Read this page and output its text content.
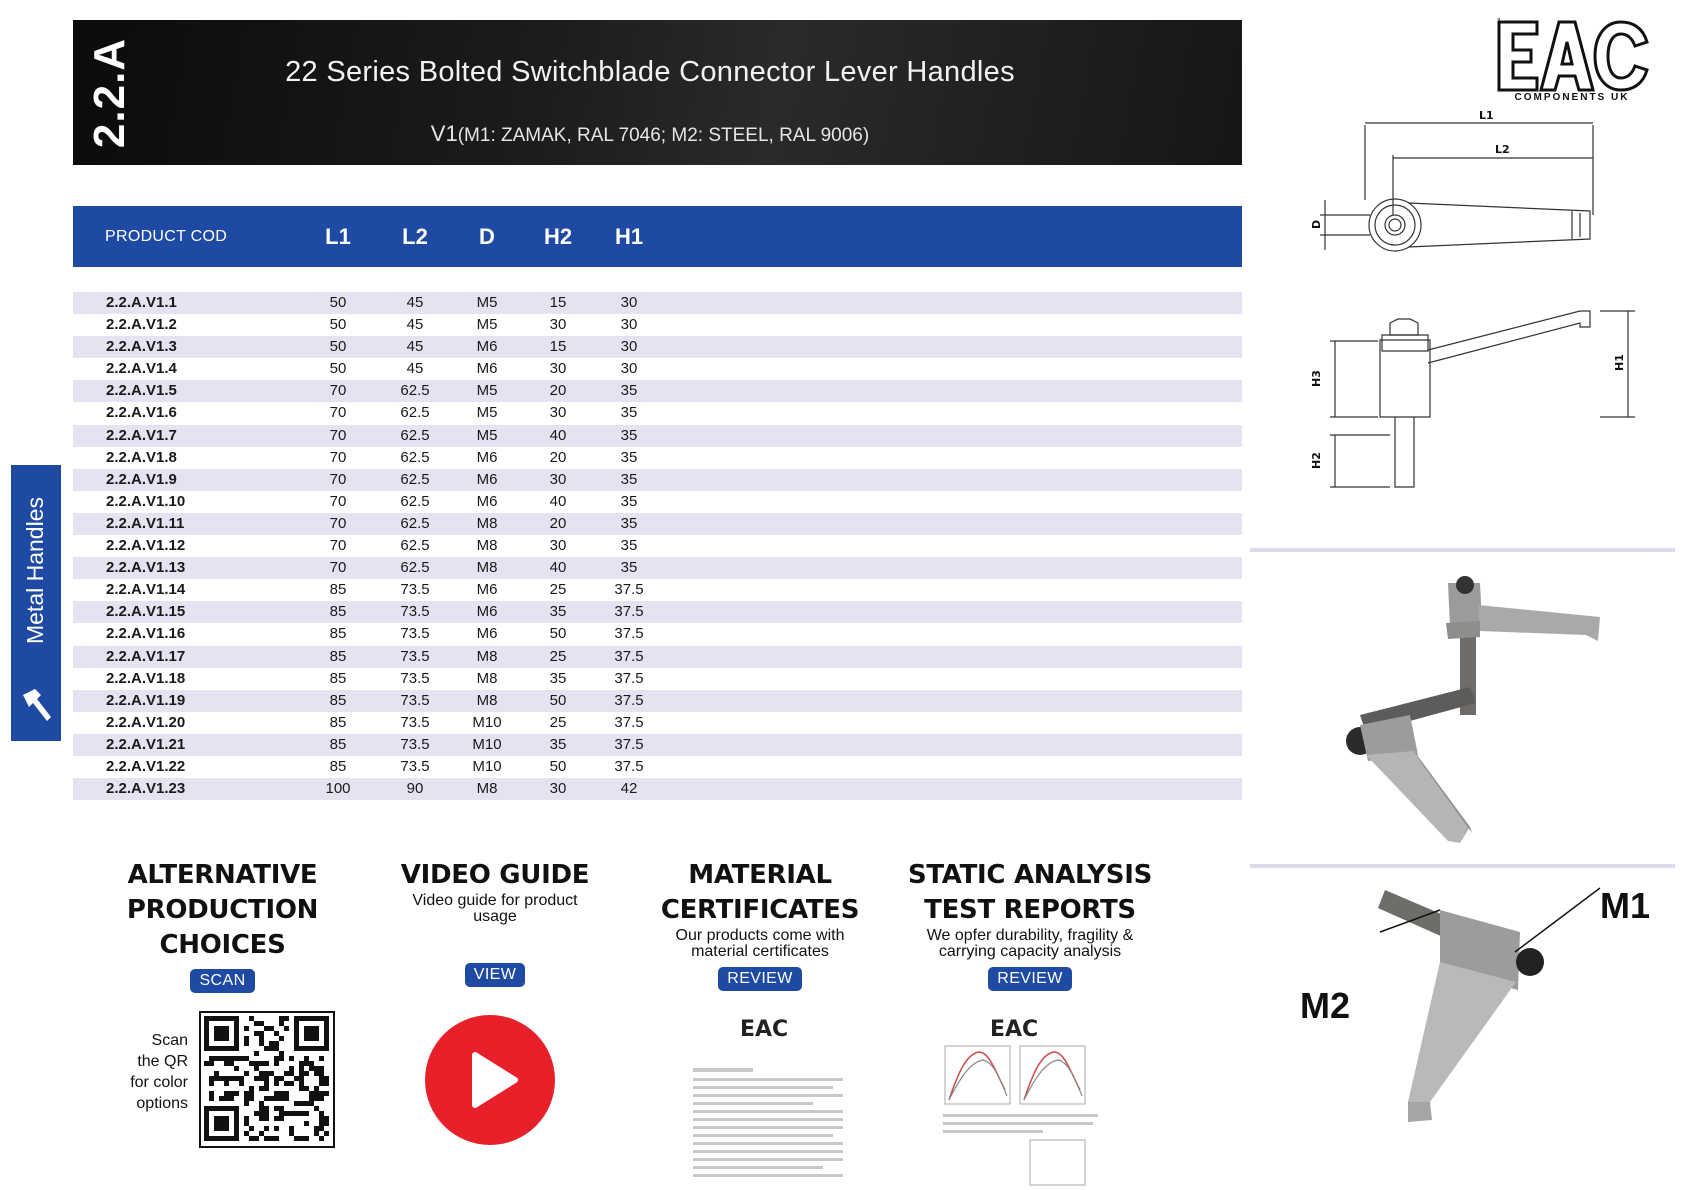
2.2.A	22 Series Bolted Switchblade Connector Lever Handles
V1(M1: ZAMAK, RAL 7046; M2: STEEL, RAL 9006)
PRODUCT COD	L1	L2	D	H2	H1
2.2.A.V1.1	50	45	M5	15	30
2.2.A.V1.2	50	45	M5	30	30
2.2.A.V1.3	50	45	M6	15	30
2.2.A.V1.4	50	45	M6	30	30
2.2.A.V1.5	70	62.5	M5	20	35
2.2.A.V1.6	70	62.5	M5	30	35
2.2.A.V1.7	70	62.5	M5	40	35
2.2.A.V1.8	70	62.5	M6	20	35
2.2.A.V1.9	70	62.5	M6	30	35
2.2.A.V1.10	70	62.5	M6	40	35
2.2.A.V1.11	70	62.5	M8	20	35
2.2.A.V1.12	70	62.5	M8	30	35
2.2.A.V1.13	70	62.5	M8	40	35
2.2.A.V1.14	85	73.5	M6	25	37.5
2.2.A.V1.15	85	73.5	M6	35	37.5
2.2.A.V1.16	85	73.5	M6	50	37.5
2.2.A.V1.17	85	73.5	M8	25	37.5
2.2.A.V1.18	85	73.5	M8	35	37.5
2.2.A.V1.19	85	73.5	M8	50	37.5
2.2.A.V1.20	85	73.5	M10	25	37.5
2.2.A.V1.21	85	73.5	M10	35	37.5
2.2.A.V1.22	85	73.5	M10	50	37.5
2.2.A.V1.23	100	90	M8	30	42
Metal Handles
"
COMPONENTS UK
L1
L2
D
H3
H2
H1
M1
M2
ALTERNATIVE
PRODUCTION
CHOICES
SCAN
VIDEO GUIDE
Video guide for product
usage
VIEW
MATERIAL
CERTIFICATES
Our products come with
material certificates
REVIEW
STATIC ANALYSIS
TEST REPORTS
We opfer durability, fragility &
carrying capacity analysis
REVIEW
Scan
the QR
for color
options
EAC	EAC
